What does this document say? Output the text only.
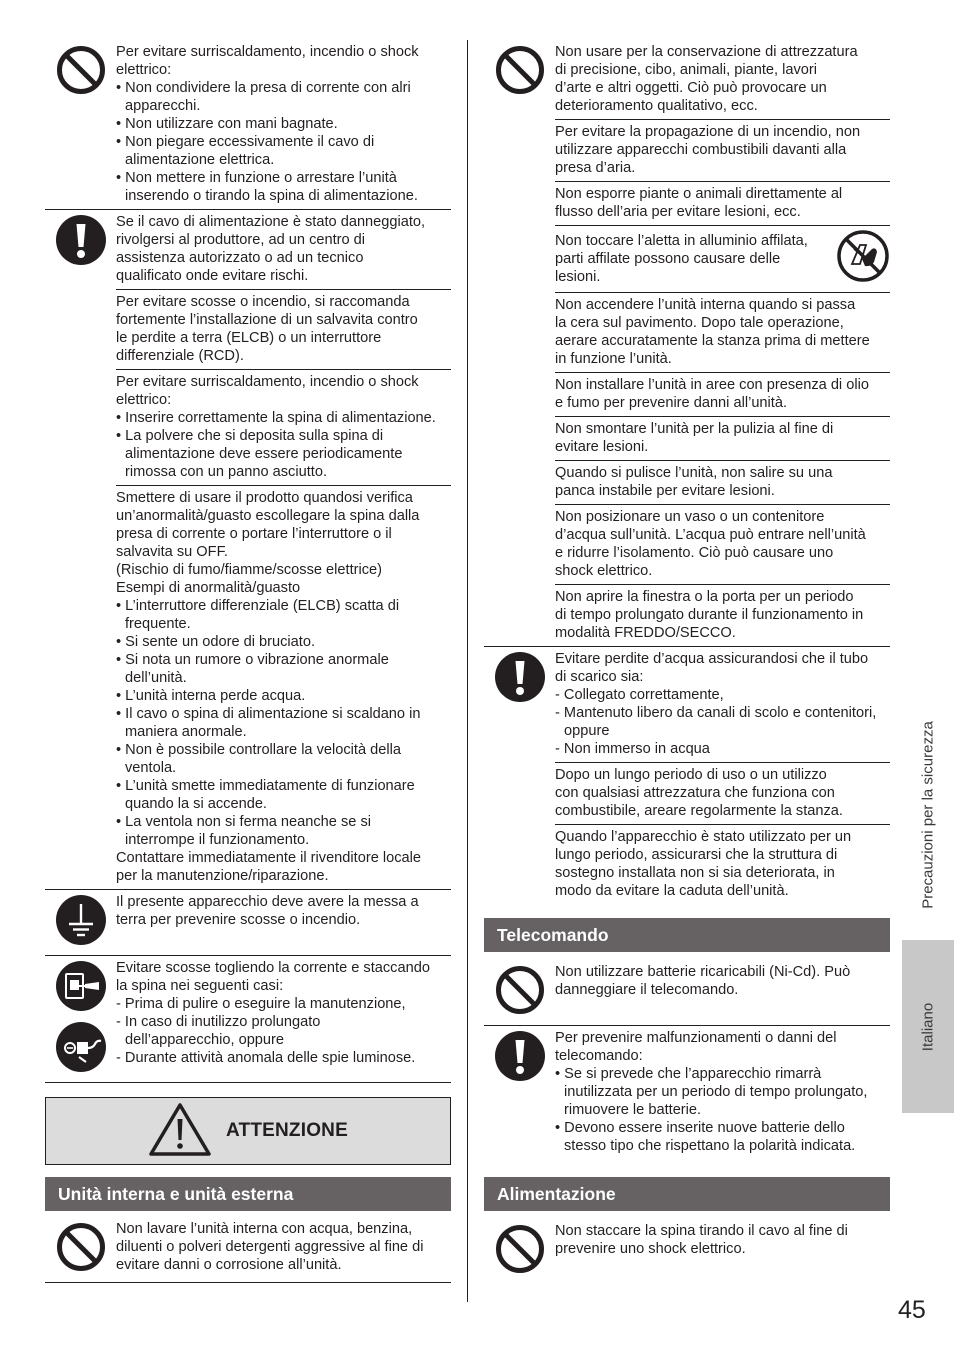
Per evitare surriscaldamento, incendio o shock
elettrico:
• Non condividere la presa di corrente con alri
apparecchi.
• Non utilizzare con mani bagnate.
• Non piegare eccessivamente il cavo di
alimentazione elettrica.
• Non mettere in funzione o arrestare l’unità
inserendo o tirando la spina di alimentazione.
Se il cavo di alimentazione è stato danneggiato,
rivolgersi al produttore, ad un centro di
assistenza autorizzato o ad un tecnico
qualificato onde evitare rischi.
Per evitare scosse o incendio, si raccomanda
fortemente l’installazione di un salvavita contro
le perdite a terra (ELCB) o un interruttore
differenziale (RCD).
Per evitare surriscaldamento, incendio o shock
elettrico:
• Inserire correttamente la spina di alimentazione.
• La polvere che si deposita sulla spina di
alimentazione deve essere periodicamente
rimossa con un panno asciutto.
Smettere di usare il prodotto quandosi verifica
un’anormalità/guasto escollegare la spina dalla
presa di corrente o portare l’interruttore o il
salvavita su OFF.
(Rischio di fumo/fiamme/scosse elettrice)
Esempi di anormalità/guasto
• L’interruttore differenziale (ELCB) scatta di
frequente.
• Si sente un odore di bruciato.
• Si nota un rumore o vibrazione anormale
dell’unità.
• L’unità interna perde acqua.
• Il cavo o spina di alimentazione si scaldano in
maniera anormale.
• Non è possibile controllare la velocità della
ventola.
• L’unità smette immediatamente di funzionare
quando la si accende.
• La ventola non si ferma neanche se si
interrompe il funzionamento.
Contattare immediatamente il rivenditore locale
per la manutenzione/riparazione.
Il presente apparecchio deve avere la messa a
terra per prevenire scosse o incendio.
Evitare scosse togliendo la corrente e staccando
la spina nei seguenti casi:
- Prima di pulire o eseguire la manutenzione,
- In caso di inutilizzo prolungato
dell’apparecchio, oppure
- Durante attività anomala delle spie luminose.
ATTENZIONE
Unità interna e unità esterna
Non lavare l’unità interna con acqua, benzina,
diluenti o polveri detergenti aggressive al fine di
evitare danni o corrosione all’unità.
Non usare per la conservazione di attrezzatura
di precisione, cibo, animali, piante, lavori
d’arte e altri oggetti. Ciò può provocare un
deterioramento qualitativo, ecc.
Per evitare la propagazione di un incendio, non
utilizzare apparecchi combustibili davanti alla
presa d’aria.
Non esporre piante o animali direttamente al
flusso dell’aria per evitare lesioni, ecc.
Non toccare l’aletta in alluminio affilata,
parti affilate possono causare delle
lesioni.
Non accendere l’unità interna quando si passa
la cera sul pavimento. Dopo tale operazione,
aerare accuratamente la stanza prima di mettere
in funzione l’unità.
Non installare l’unità in aree con presenza di olio
e fumo per prevenire danni all’unità.
Non smontare l’unità per la pulizia al fine di
evitare lesioni.
Quando si pulisce l’unità, non salire su una
panca instabile per evitare lesioni.
Non posizionare un vaso o un contenitore
d’acqua sull’unità. L’acqua può entrare nell’unità
e ridurre l’isolamento. Ciò può causare uno
shock elettrico.
Non aprire la finestra o la porta per un periodo
di tempo prolungato durante il funzionamento in
modalità FREDDO/SECCO.
Evitare perdite d’acqua assicurandosi che il tubo
di scarico sia:
- Collegato correttamente,
- Mantenuto libero da canali di scolo e contenitori,
oppure
- Non immerso in acqua
Dopo un lungo periodo di uso o un utilizzo
con qualsiasi attrezzatura che funziona con
combustibile, areare regolarmente la stanza.
Quando l’apparecchio è stato utilizzato per un
lungo periodo, assicurarsi che la struttura di
sostegno installata non si sia deteriorata, in
modo da evitare la caduta dell’unità.
Telecomando
Non utilizzare batterie ricaricabili (Ni-Cd). Può
danneggiare il telecomando.
Per prevenire malfunzionamenti o danni del
telecomando:
• Se si prevede che l’apparecchio rimarrà
inutilizzata per un periodo di tempo prolungato,
rimuovere le batterie.
• Devono essere inserite nuove batterie dello
stesso tipo che rispettano la polarità indicata.
Alimentazione
Non staccare la spina tirando il cavo al fine di
prevenire uno shock elettrico.
Precauzioni per la sicurezza
Italiano
45
